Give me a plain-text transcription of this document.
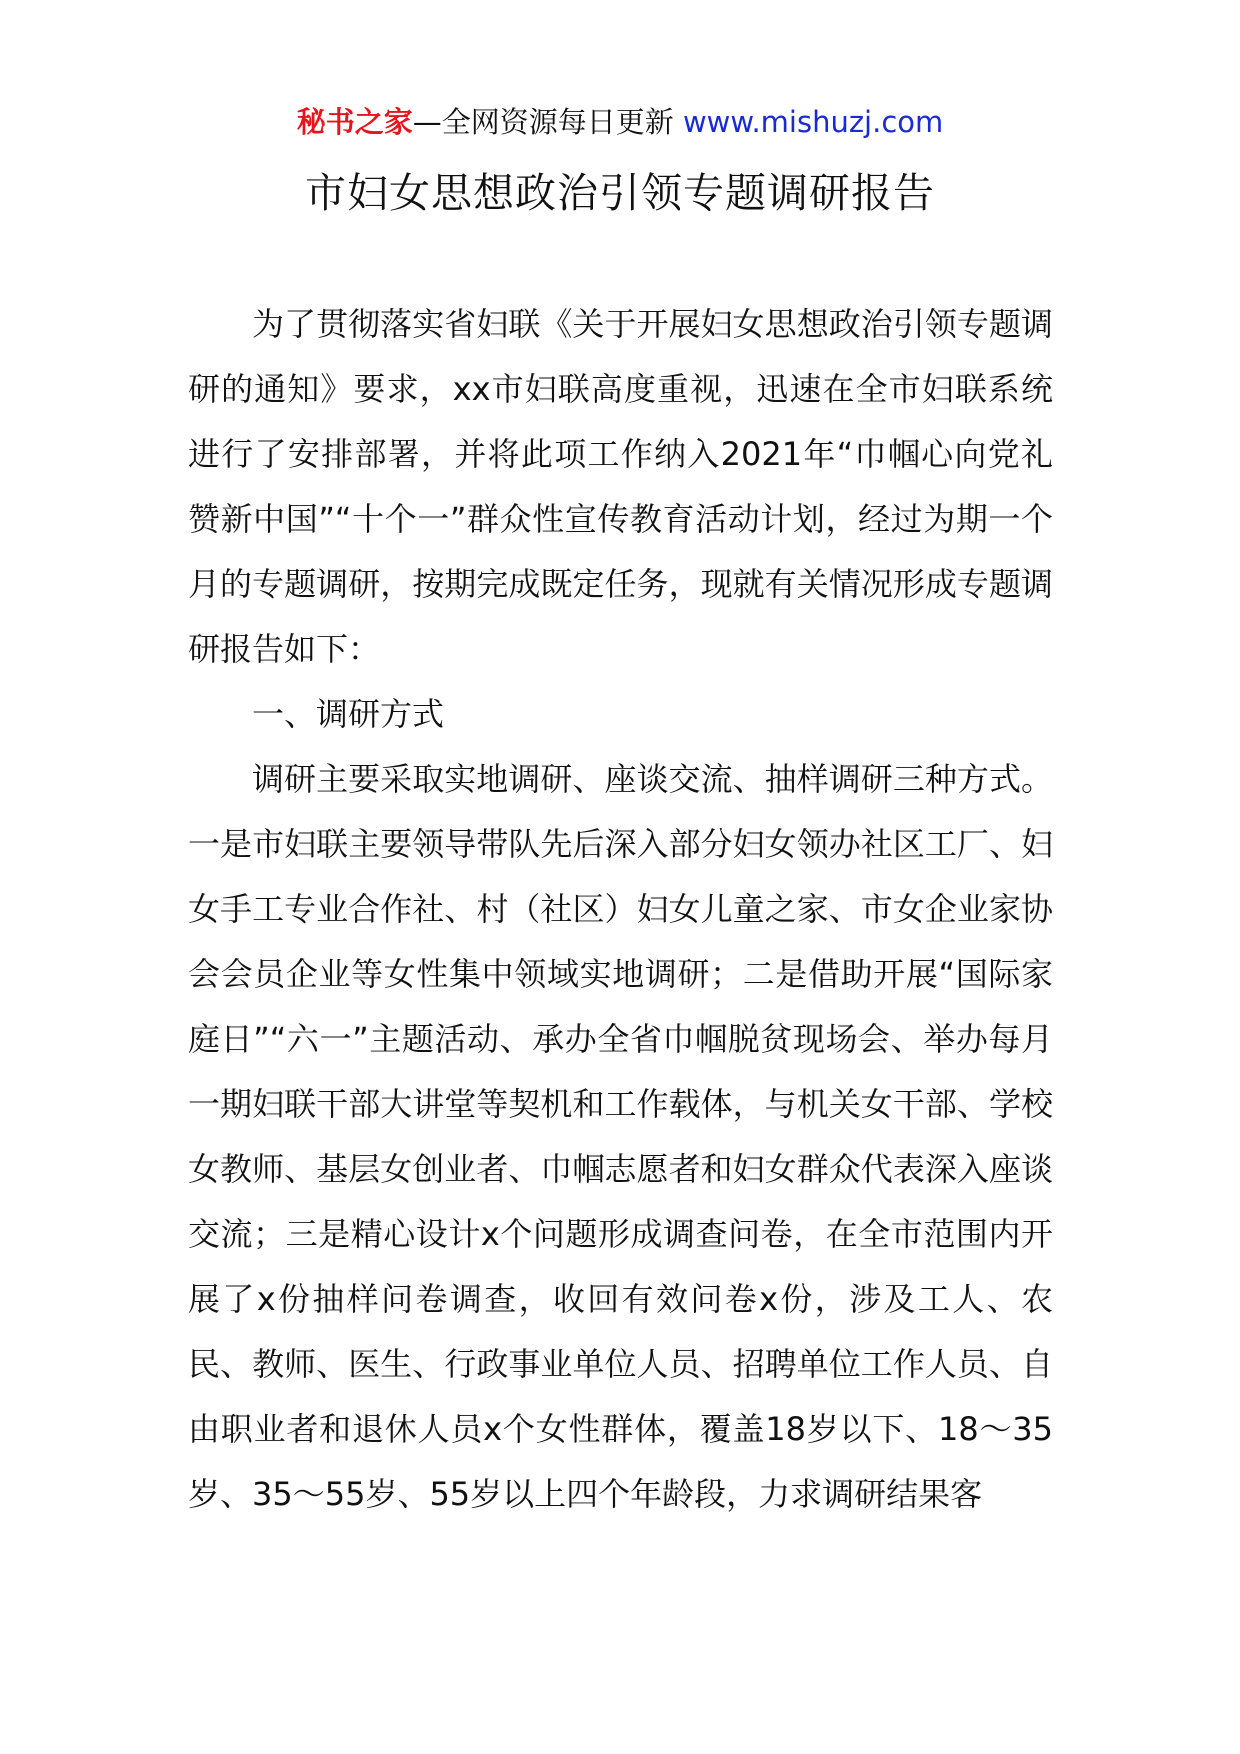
秘书之家—全网资源每日更新 www.mishuzj.com
市妇女思想政治引领专题调研报告

为了贯彻落实省妇联《关于开展妇女思想政治引领专题调研的通知》要求，xx市妇联高度重视，迅速在全市妇联系统进行了安排部署，并将此项工作纳入2021年“巾帼心向党礼赞新中国”“十个一”群众性宣传教育活动计划，经过为期一个月的专题调研，按期完成既定任务，现就有关情况形成专题调研报告如下：

一、调研方式

调研主要采取实地调研、座谈交流、抽样调研三种方式。一是市妇联主要领导带队先后深入部分妇女领办社区工厂、妇女手工专业合作社、村（社区）妇女儿童之家、市女企业家协会会员企业等女性集中领域实地调研；二是借助开展“国际家庭日”“六一”主题活动、承办全省巾帼脱贫现场会、举办每月一期妇联干部大讲堂等契机和工作载体，与机关女干部、学校女教师、基层女创业者、巾帼志愿者和妇女群众代表深入座谈交流；三是精心设计x个问题形成调查问卷，在全市范围内开展了x份抽样问卷调查，收回有效问卷x份，涉及工人、农民、教师、医生、行政事业单位人员、招聘单位工作人员、自由职业者和退休人员x个女性群体，覆盖18岁以下、18～35岁、35～55岁、55岁以上四个年龄段，力求调研结果客
